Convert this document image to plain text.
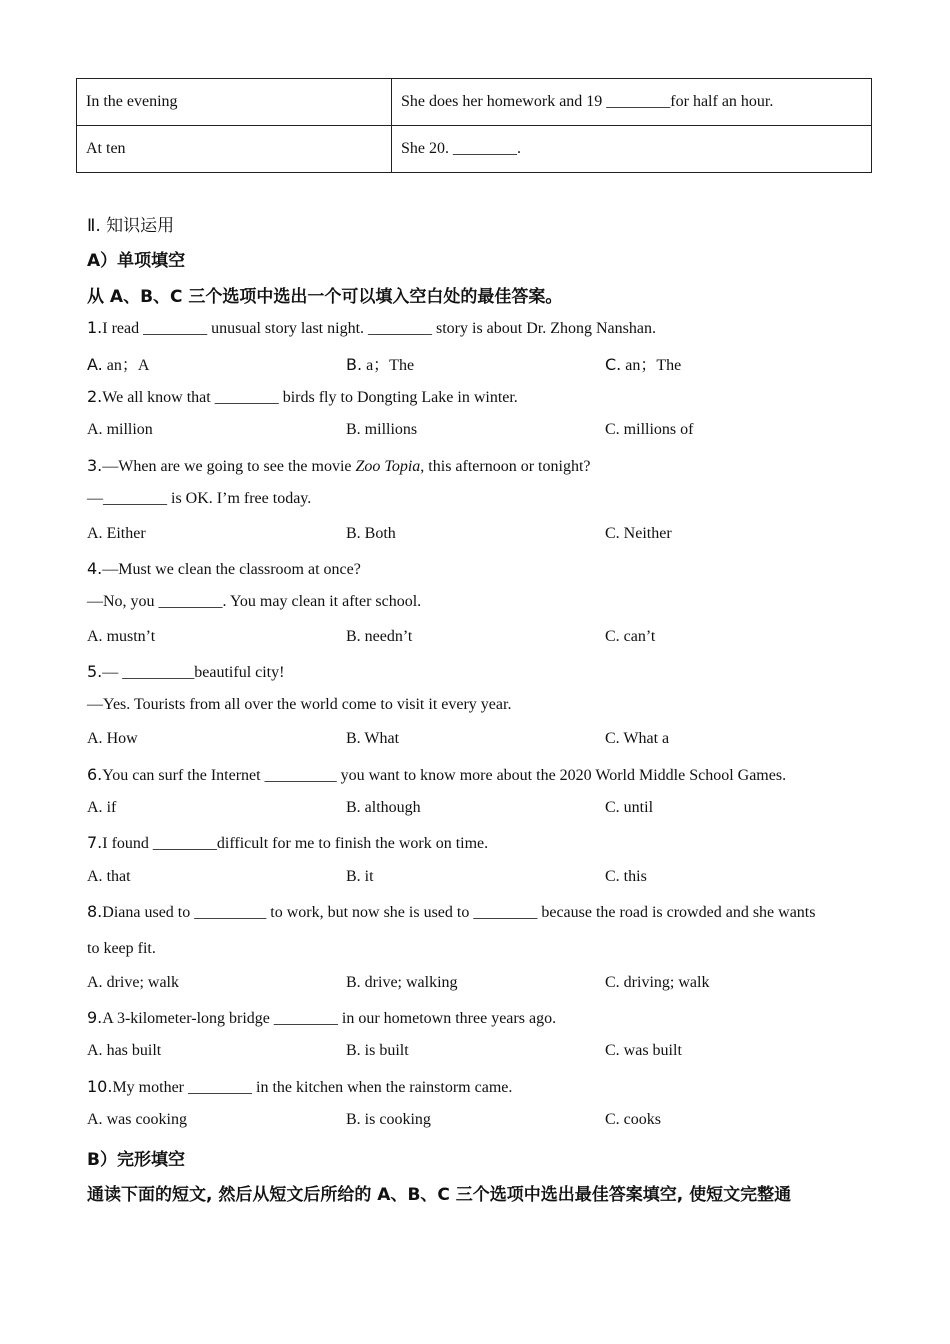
In the evening	She does her homework and 19 ________for half an hour.
At ten	She 20. ________.
Ⅱ. 知识运用
A）单项填空
从 A、B、C 三个选项中选出一个可以填入空白处的最佳答案。
1.I read ________ unusual story last night. ________ story is about Dr. Zhong Nanshan.
A. an；A	B. a；The	C. an；The
2.We all know that ________ birds fly to Dongting Lake in winter.
A. million	B. millions	C. millions of
3.—When are we going to see the movie Zoo Topia, this afternoon or tonight?
—________ is OK. I’m free today.
A. Either	B. Both	C. Neither
4.—Must we clean the classroom at once?
—No, you ________. You may clean it after school.
A. mustn’t	B. needn’t	C. can’t
5.— _________beautiful city!
—Yes. Tourists from all over the world come to visit it every year.
A. How	B. What	C. What a
6.You can surf the Internet _________ you want to know more about the 2020 World Middle School Games.
A. if	B. although	C. until
7.I found ________difficult for me to finish the work on time.
A. that	B. it	C. this
8.Diana used to _________ to work, but now she is used to ________ because the road is crowded and she wants
to keep fit.
A. drive; walk	B. drive; walking	C. driving; walk
9.A 3-kilometer-long bridge ________ in our hometown three years ago.
A. has built	B. is built	C. was built
10.My mother ________ in the kitchen when the rainstorm came.
A. was cooking	B. is cooking	C. cooks
B）完形填空
通读下面的短文, 然后从短文后所给的 A、B、C 三个选项中选出最佳答案填空, 使短文完整通
